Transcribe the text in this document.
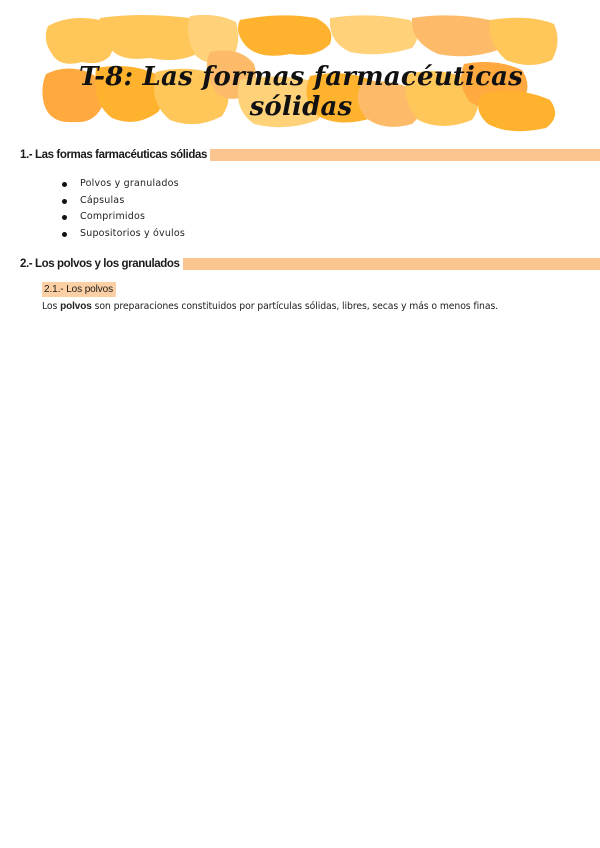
T-8: Las formas farmacéuticas sólidas
1.- Las formas farmacéuticas sólidas
Polvos y granulados
Cápsulas
Comprimidos
Supositorios y óvulos
2.- Los polvos y los granulados
2.1.- Los polvos
Los polvos son preparaciones constituidos por partículas sólidas, libres, secas y más o menos finas.
